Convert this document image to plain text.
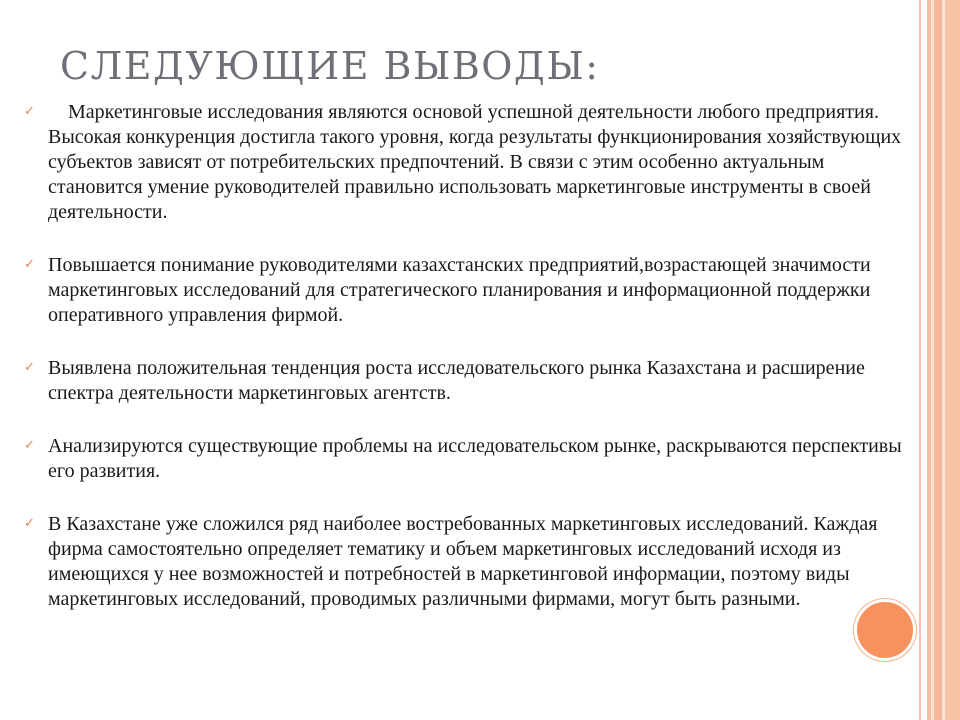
СЛЕДУЮЩИЕ ВЫВОДЫ:
✓	Маркетинговые исследования являются основой успешной деятельности любого предприятия. Высокая конкуренция достигла такого уровня, когда результаты функционирования хозяйствующих субъектов зависят от потребительских предпочтений. В связи с этим особенно актуальным становится умение руководителей правильно использовать маркетинговые инструменты в своей деятельности.
✓ Повышается понимание руководителями казахстанских предприятий,возрастающей значимости маркетинговых исследований для стратегического планирования и информационной поддержки оперативного управления фирмой.
✓ Выявлена положительная тенденция роста исследовательского рынка Казахстана и расширение спектра деятельности маркетинговых агентств.
✓ Анализируются существующие проблемы на исследовательском рынке, раскрываются перспективы его развития.
✓ В Казахстане уже сложился ряд наиболее востребованных маркетинговых исследований. Каждая фирма самостоятельно определяет тематику и объем маркетинговых исследований исходя из имеющихся у нее возможностей и потребностей в маркетинговой информации, поэтому виды маркетинговых исследований, проводимых различными фирмами, могут быть разными.
